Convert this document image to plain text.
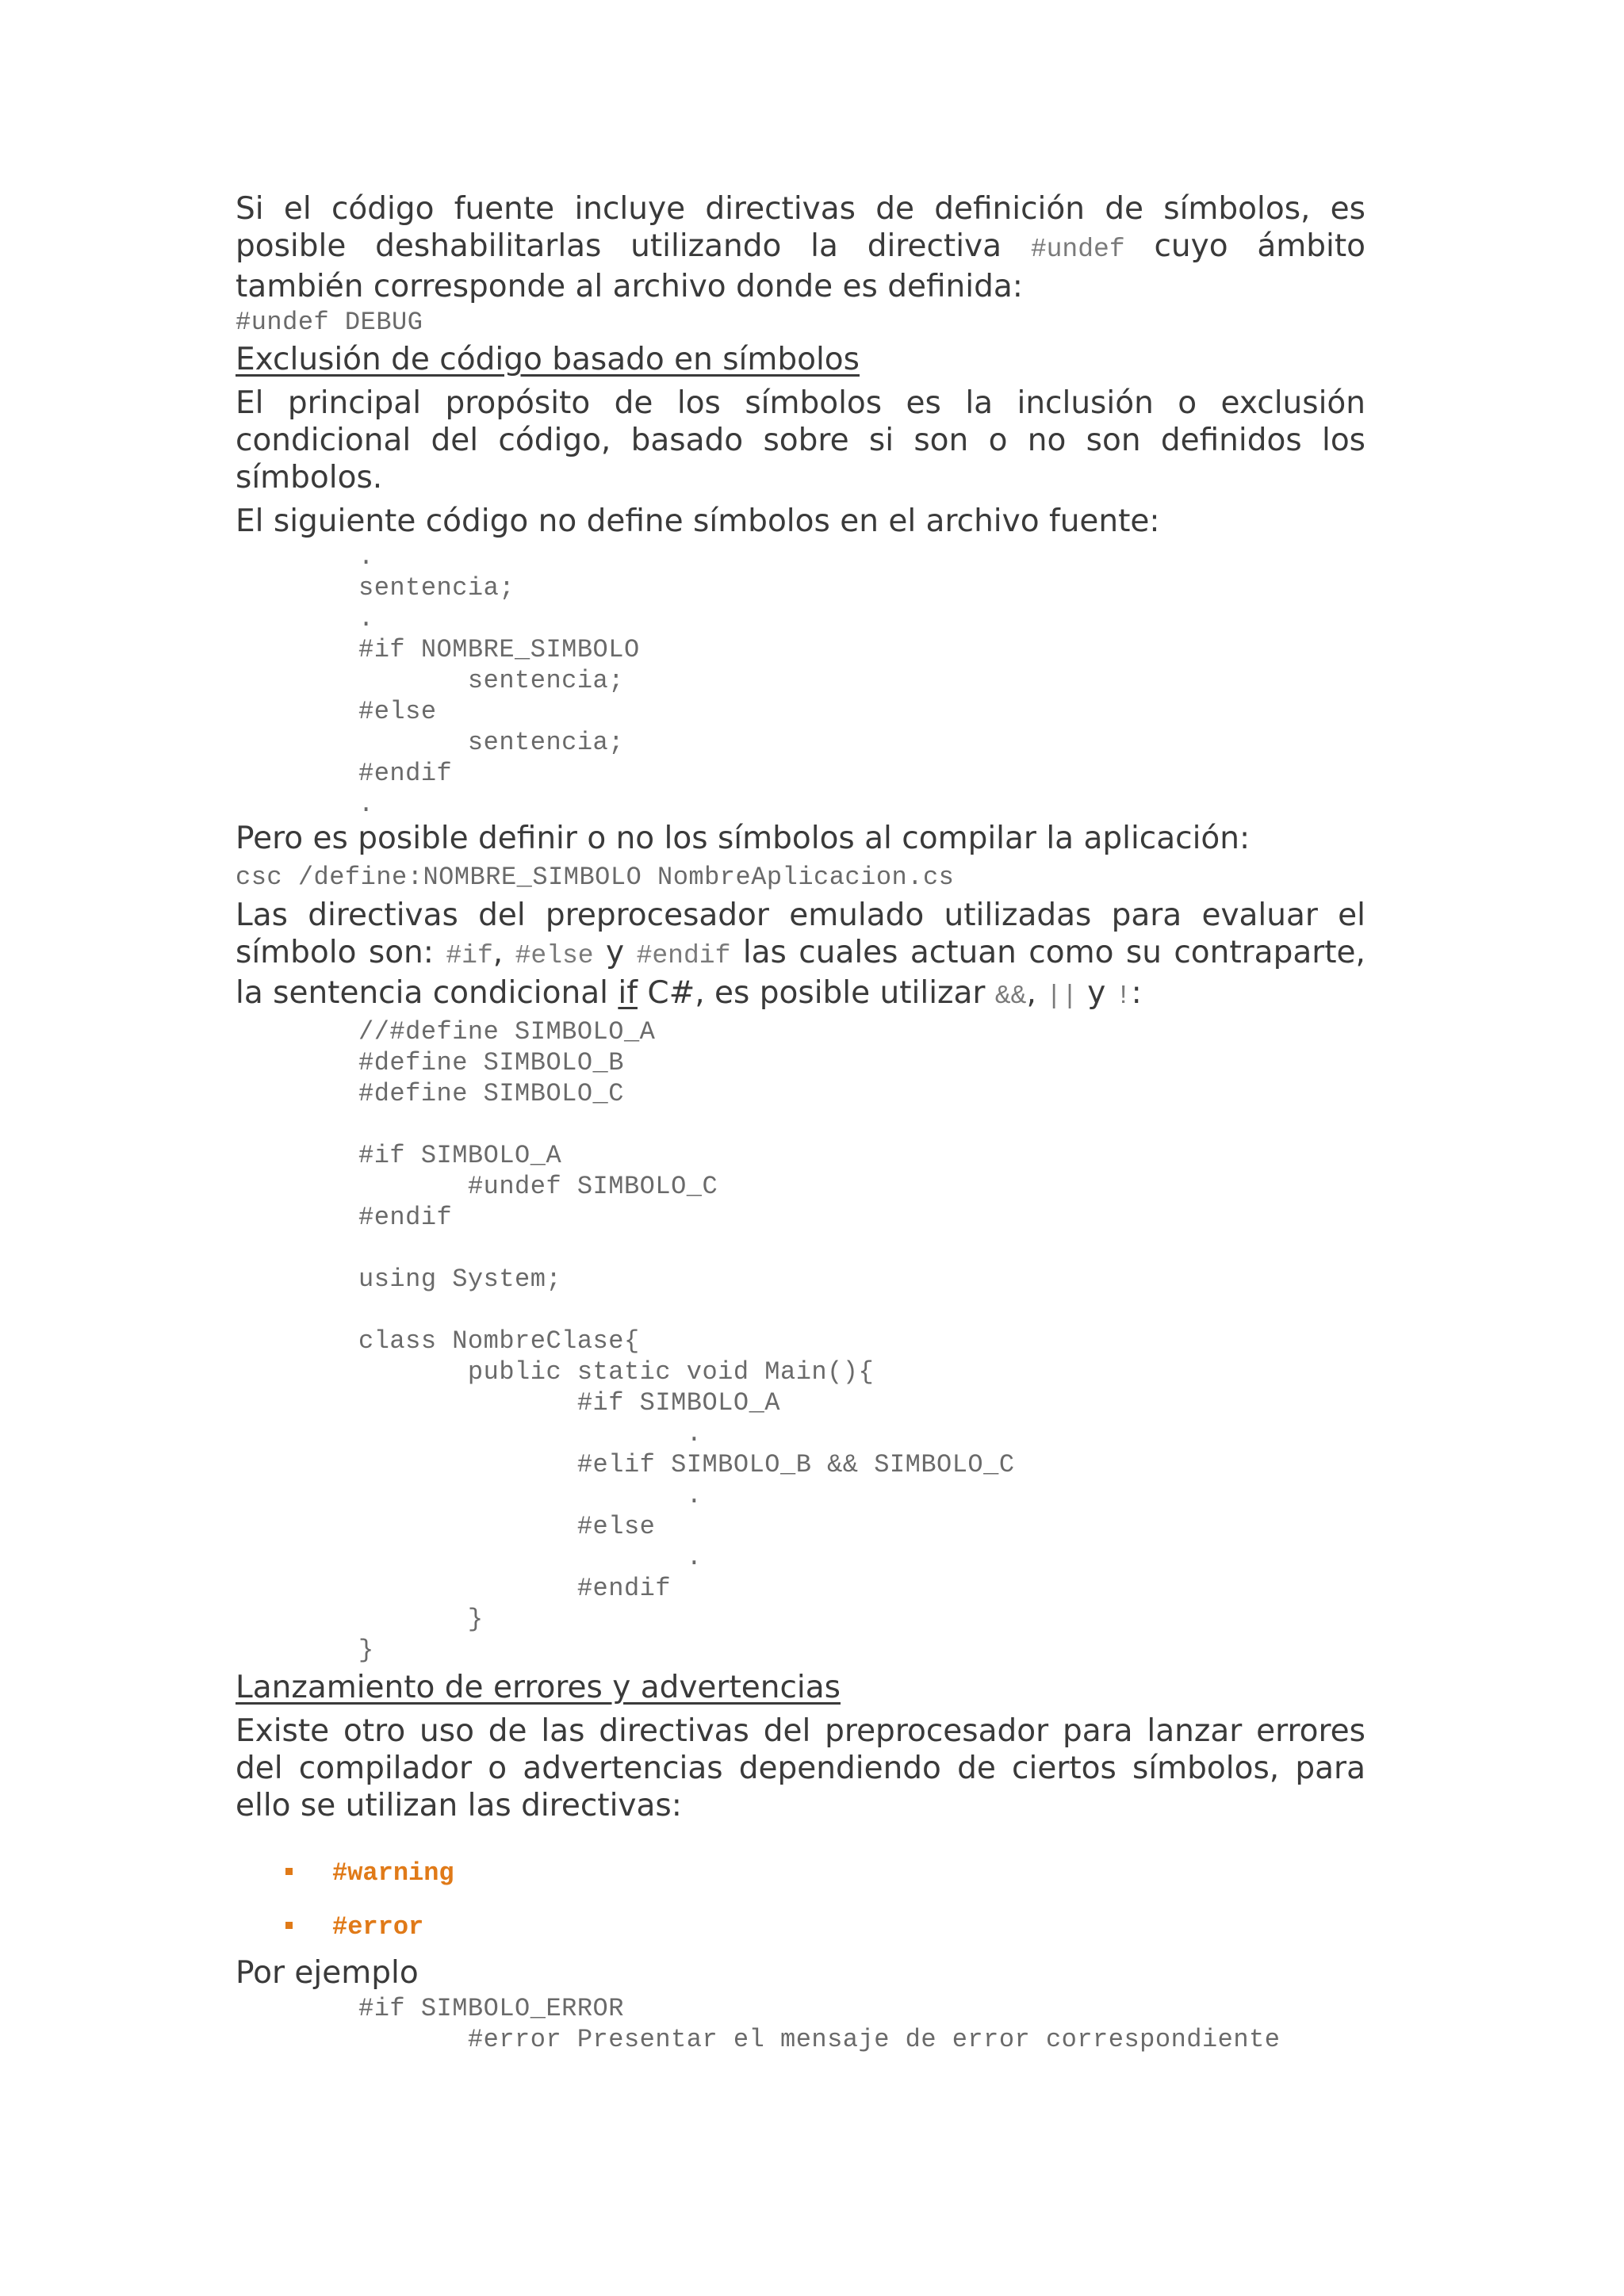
Si el código fuente incluye directivas de definición de símbolos, es posible deshabilitarlas utilizando la directiva #undef cuyo ámbito también corresponde al archivo donde es definida:

#undef DEBUG

Exclusión de código basado en símbolos

El principal propósito de los símbolos es la inclusión o exclusión condicional del código, basado sobre si son o no son definidos los símbolos.

El siguiente código no define símbolos en el archivo fuente:

.
sentencia;
.
#if NOMBRE_SIMBOLO
sentencia;
#else
sentencia;
#endif
.

Pero es posible definir o no los símbolos al compilar la aplicación:

csc /define:NOMBRE_SIMBOLO NombreAplicacion.cs

Las directivas del preprocesador emulado utilizadas para evaluar el símbolo son: #if, #else y #endif las cuales actuan como su contraparte, la sentencia condicional if C#, es posible utilizar &&, || y !:

//#define SIMBOLO_A
#define SIMBOLO_B
#define SIMBOLO_C

#if SIMBOLO_A
#undef SIMBOLO_C
#endif

using System;

class NombreClase{
public static void Main(){
#if SIMBOLO_A
.
#elif SIMBOLO_B && SIMBOLO_C
.
#else
.
#endif
}
}

Lanzamiento de errores y advertencias

Existe otro uso de las directivas del preprocesador para lanzar errores del compilador o advertencias dependiendo de ciertos símbolos, para ello se utilizan las directivas:

#warning
#error

Por ejemplo

#if SIMBOLO_ERROR
#error Presentar el mensaje de error correspondiente
